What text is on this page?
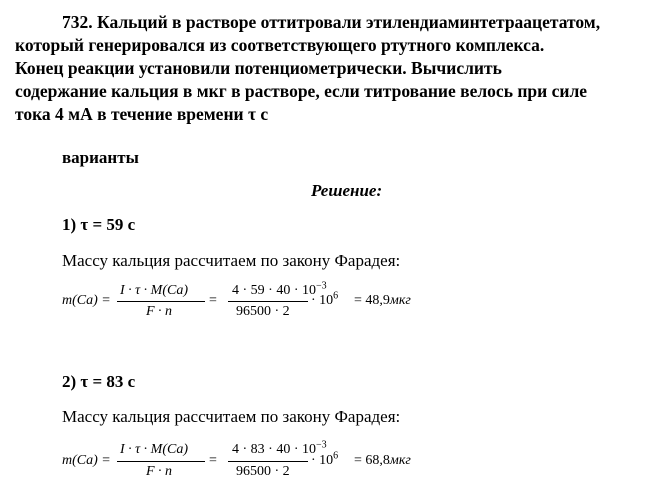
732. Кальций в растворе оттитровали этилендиаминтетраацетатом,
который генерировался из соответствующего ртутного комплекса.
Конец реакции установили потенциометрически. Вычислить
содержание кальция в мкг в растворе, если титрование велось при силе
тока 4 мА в течение времени τ с
варианты
Решение:
1) τ = 59 с
Массу кальция рассчитаем по закону Фарадея:
m(Ca) =
I · τ · M(Ca)
F · n
=
$4 \cdot 59 \cdot 40 \cdot 10^{-3}$
96500 · 2
· $10^6 = 48,9мкг$
2) τ = 83 с
Массу кальция рассчитаем по закону Фарадея:
m(Ca) =
I · τ · M(Ca)
F · n
=
$4 \cdot 83 \cdot 40 \cdot 10^{-3}$
96500 · 2
· $10^6 = 68,8мкг$
